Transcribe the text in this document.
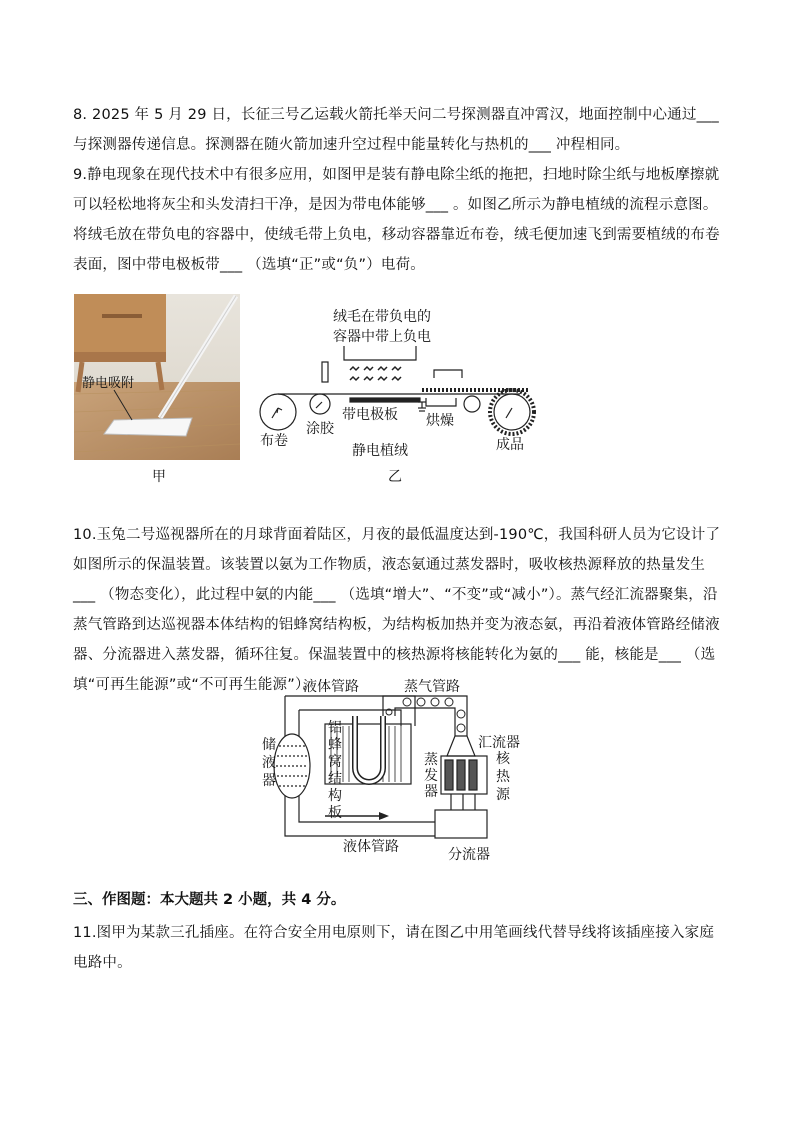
8. 2025 年 5 月 29 日，长征三号乙运载火箭托举天问二号探测器直冲霄汉，地面控制中心通过___ 与探测器传递信息。探测器在随火箭加速升空过程中能量转化与热机的___ 冲程相同。
9.静电现象在现代技术中有很多应用，如图甲是装有静电除尘纸的拖把，扫地时除尘纸与地板摩擦就可以轻松地将灰尘和头发清扫干净，是因为带电体能够___ 。如图乙所示为静电植绒的流程示意图。将绒毛放在带负电的容器中，使绒毛带上负电，移动容器靠近布卷，绒毛便加速飞到需要植绒的布卷表面，图中带电极板带___ （选填“正”或“负”）电荷。
静电吸附
甲
绒毛在带负电的
容器中带上负电
布卷
涂胶
带电极板 烘燥
成品
静电植绒
乙
10.玉兔二号巡视器所在的月球背面着陆区，月夜的最低温度达到-190℃，我国科研人员为它设计了如图所示的保温装置。该装置以氨为工作物质，液态氨通过蒸发器时，吸收核热源释放的热量发生___ （物态变化），此过程中氨的内能___ （选填“增大”、“不变”或“减小”）。蒸气经汇流器聚集，沿蒸气管路到达巡视器本体结构的铝蜂窝结构板，为结构板加热并变为液态氨，再沿着液体管路经储液器、分流器进入蒸发器，循环往复。保温装置中的核热源将核能转化为氨的___ 能，核能是___ （选填“可再生能源”或“不可再生能源”）。
液体管路	蒸气管路
储液器
铝蜂窝结构板
汇流器
核热源
蒸发器
液体管路	分流器
三、作图题：本大题共 2 小题，共 4 分。
11.图甲为某款三孔插座。在符合安全用电原则下，请在图乙中用笔画线代替导线将该插座接入家庭电路中。
